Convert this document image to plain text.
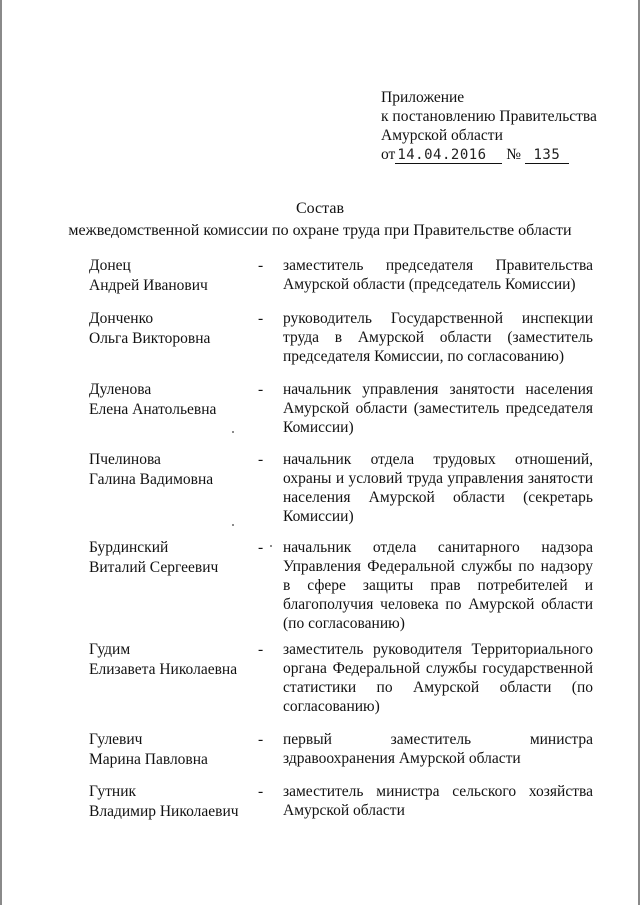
Приложение
к постановлению Правительства
Амурской области
от 14.04.2016 № 135
Состав
межведомственной комиссии по охране труда при Правительстве области
Донец
Андрей Иванович
- заместитель председателя Правительства Амурской области (председатель Комиссии)
Донченко
Ольга Викторовна
- руководитель Государственной инспекции труда в Амурской области (заместитель председателя Комиссии, по согласованию)
Дуленова
Елена Анатольевна
- начальник управления занятости населения Амурской области (заместитель председателя Комиссии)
Пчелинова
Галина Вадимовна
- начальник отдела трудовых отношений, охраны и условий труда управления занятости населения Амурской области (секретарь Комиссии)
Бурдинский
Виталий Сергеевич
- начальник отдела санитарного надзора Управления Федеральной службы по надзору в сфере защиты прав потребителей и благополучия человека по Амурской области (по согласованию)
Гудим
Елизавета Николаевна
- заместитель руководителя Территориального органа Федеральной службы государственной статистики по Амурской области (по согласованию)
Гулевич
Марина Павловна
- первый заместитель министра здравоохранения Амурской области
Гутник
Владимир Николаевич
- заместитель министра сельского хозяйства Амурской области
